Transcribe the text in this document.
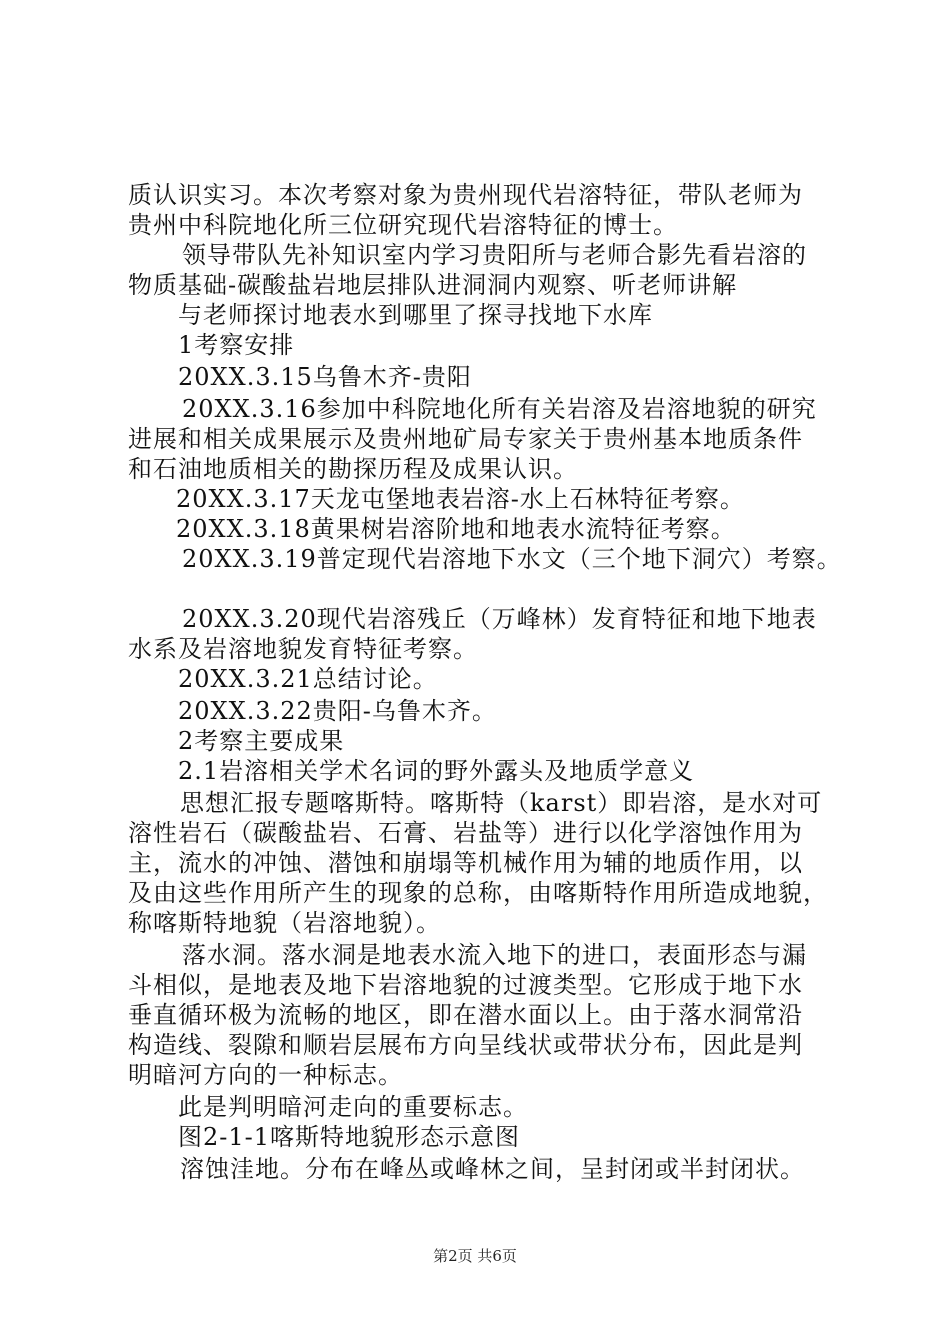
质认识实习。本次考察对象为贵州现代岩溶特征，带队老师为
贵州中科院地化所三位研究现代岩溶特征的博士。
领导带队先补知识室内学习贵阳所与老师合影先看岩溶的
物质基础-碳酸盐岩地层排队进洞洞内观察、听老师讲解
与老师探讨地表水到哪里了探寻找地下水库
1考察安排
20XX.3.15乌鲁木齐-贵阳
20XX.3.16参加中科院地化所有关岩溶及岩溶地貌的研究
进展和相关成果展示及贵州地矿局专家关于贵州基本地质条件
和石油地质相关的勘探历程及成果认识。
20XX.3.17天龙屯堡地表岩溶-水上石林特征考察。
20XX.3.18黄果树岩溶阶地和地表水流特征考察。
20XX.3.19普定现代岩溶地下水文（三个地下洞穴）考察。
20XX.3.20现代岩溶残丘（万峰林）发育特征和地下地表
水系及岩溶地貌发育特征考察。
20XX.3.21总结讨论。
20XX.3.22贵阳-乌鲁木齐。
2考察主要成果
2.1岩溶相关学术名词的野外露头及地质学意义
思想汇报专题喀斯特。喀斯特（karst）即岩溶，是水对可
溶性岩石（碳酸盐岩、石膏、岩盐等）进行以化学溶蚀作用为
主，流水的冲蚀、潜蚀和崩塌等机械作用为辅的地质作用，以
及由这些作用所产生的现象的总称，由喀斯特作用所造成地貌，
称喀斯特地貌（岩溶地貌）。
落水洞。落水洞是地表水流入地下的进口，表面形态与漏
斗相似，是地表及地下岩溶地貌的过渡类型。它形成于地下水
垂直循环极为流畅的地区，即在潜水面以上。由于落水洞常沿
构造线、裂隙和顺岩层展布方向呈线状或带状分布，因此是判
明暗河方向的一种标志。
此是判明暗河走向的重要标志。
图2-1-1喀斯特地貌形态示意图
溶蚀洼地。分布在峰丛或峰林之间，呈封闭或半封闭状。
第2页 共6页
